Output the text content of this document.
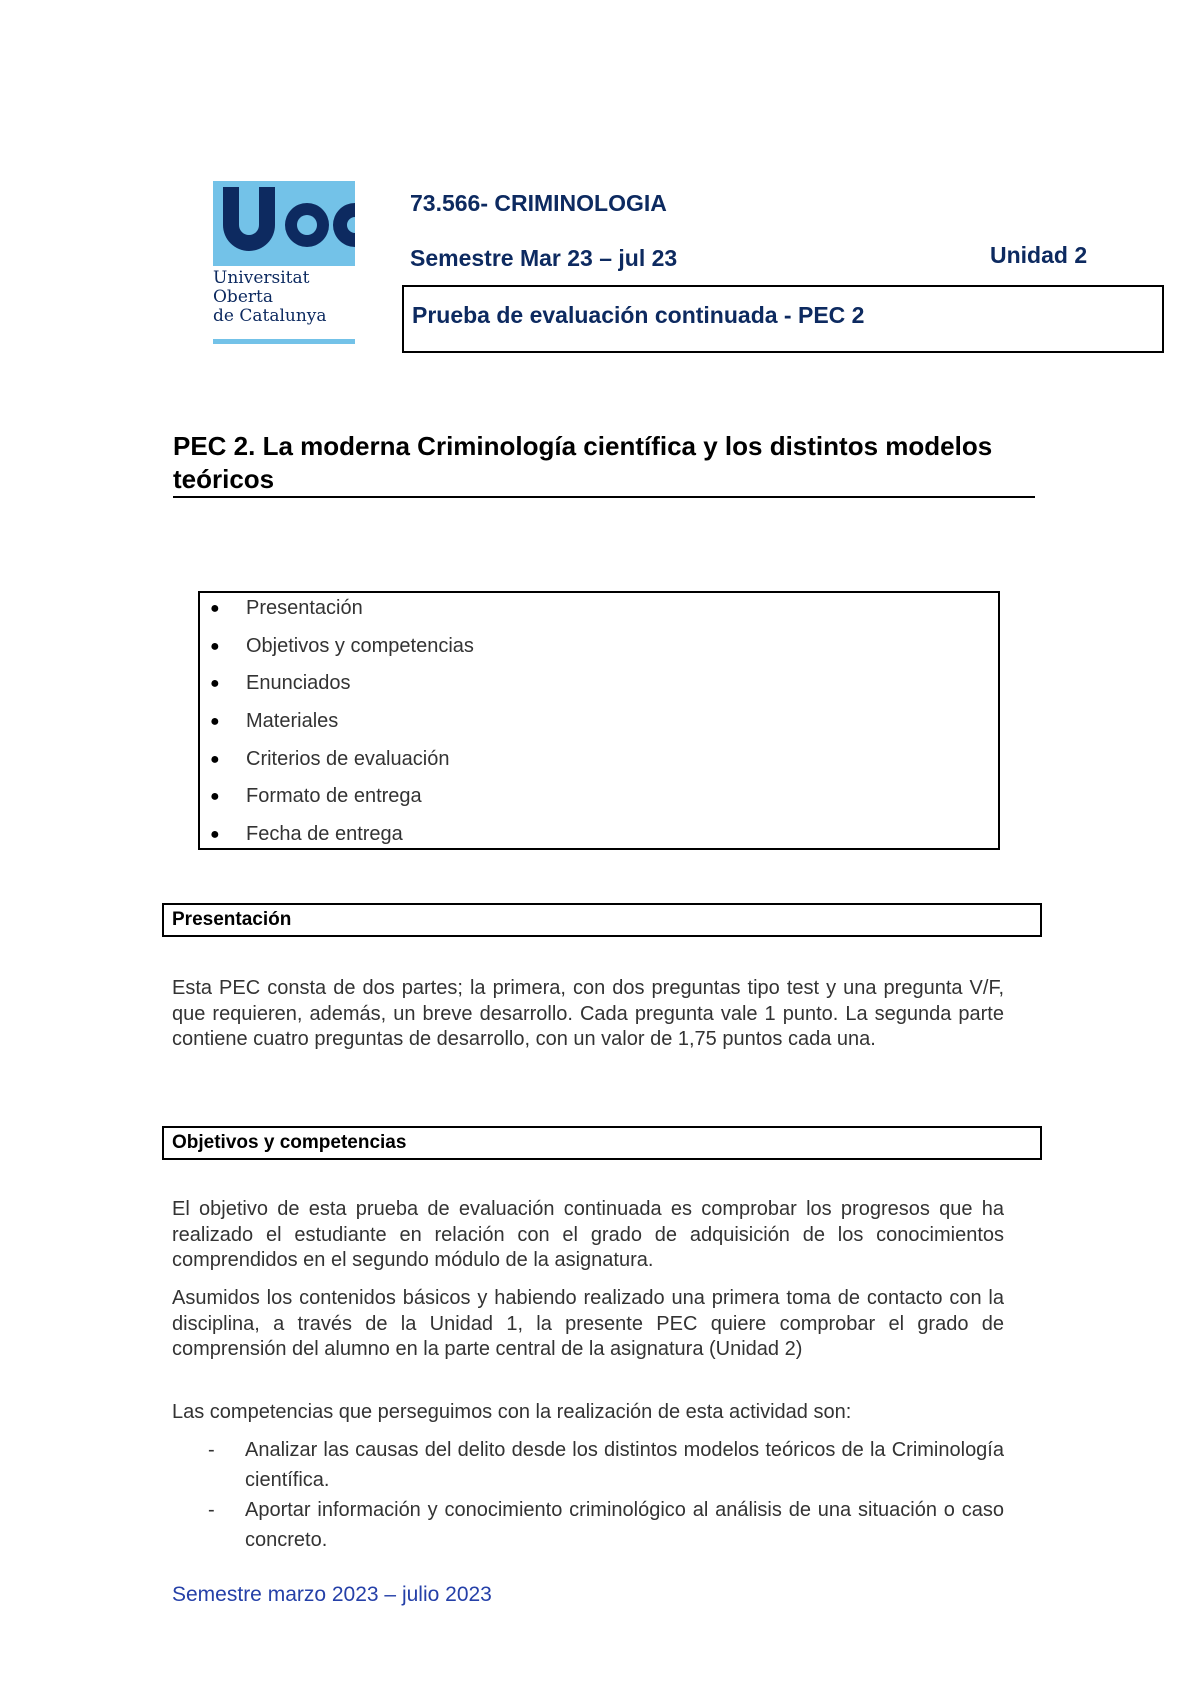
Universitat
Oberta
de Catalunya
73.566- CRIMINOLOGIA
Semestre Mar 23 – jul 23	Unidad 2
Prueba de evaluación continuada - PEC 2
PEC 2. La moderna Criminología científica y los distintos modelos teóricos
● Presentación
● Objetivos y competencias
● Enunciados
● Materiales
● Criterios de evaluación
● Formato de entrega
● Fecha de entrega
Presentación

Esta PEC consta de dos partes; la primera, con dos preguntas tipo test y una pregunta V/F, que requieren, además, un breve desarrollo. Cada pregunta vale 1 punto. La segunda parte contiene cuatro preguntas de desarrollo, con un valor de 1,75 puntos cada una.

Objetivos y competencias

El objetivo de esta prueba de evaluación continuada es comprobar los progresos que ha realizado el estudiante en relación con el grado de adquisición de los conocimientos comprendidos en el segundo módulo de la asignatura.

Asumidos los contenidos básicos y habiendo realizado una primera toma de contacto con la disciplina, a través de la Unidad 1, la presente PEC quiere comprobar el grado de comprensión del alumno en la parte central de la asignatura (Unidad 2)

Las competencias que perseguimos con la realización de esta actividad son:

- Analizar las causas del delito desde los distintos modelos teóricos de la Criminología científica.
- Aportar información y conocimiento criminológico al análisis de una situación o caso concreto.
Semestre marzo 2023 – julio 2023
